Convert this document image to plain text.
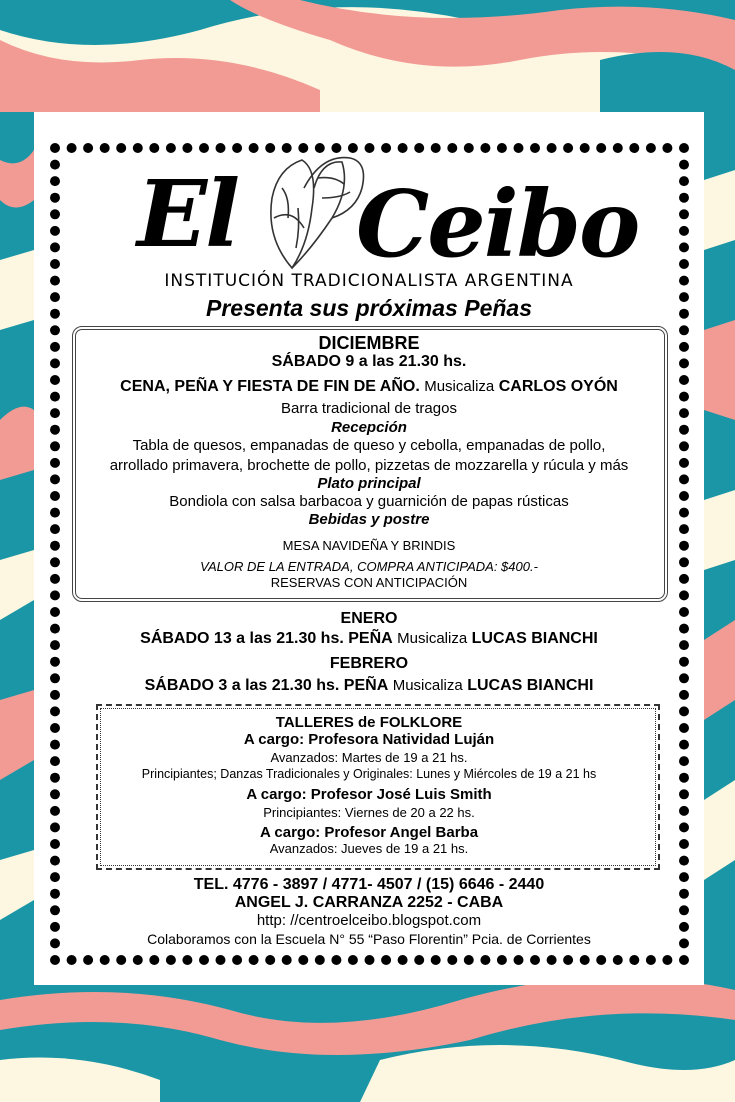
El Ceibo
INSTITUCIÓN TRADICIONALISTA ARGENTINA
Presenta sus próximas Peñas
DICIEMBRE
SÁBADO 9 a las 21.30 hs.
CENA, PEÑA Y FIESTA DE FIN DE AÑO. Musicaliza CARLOS OYÓN
Barra tradicional de tragos
Recepción
Tabla de quesos, empanadas de queso y cebolla, empanadas de pollo,
arrollado primavera, brochette de pollo, pizzetas de mozzarella y rúcula y más
Plato principal
Bondiola con salsa barbacoa y guarnición de papas rústicas
Bebidas y postre
MESA NAVIDEÑA Y BRINDIS
VALOR DE LA ENTRADA, COMPRA ANTICIPADA: $400.-
RESERVAS CON ANTICIPACIÓN
ENERO
SÁBADO 13 a las 21.30 hs. PEÑA Musicaliza LUCAS BIANCHI
FEBRERO
SÁBADO 3 a las 21.30 hs. PEÑA Musicaliza LUCAS BIANCHI
TALLERES de FOLKLORE
A cargo: Profesora Natividad Luján
Avanzados: Martes de 19 a 21 hs.
Principiantes; Danzas Tradicionales y Originales: Lunes y Miércoles de 19 a 21 hs
A cargo: Profesor José Luis Smith
Principiantes: Viernes de 20 a 22 hs.
A cargo: Profesor Angel Barba
Avanzados: Jueves de 19 a 21 hs.
TEL. 4776 - 3897 / 4771- 4507 / (15) 6646 - 2440
ANGEL J. CARRANZA 2252 - CABA
http: //centroelceibo.blogspot.com
Colaboramos con la Escuela N° 55 “Paso Florentin” Pcia. de Corrientes
